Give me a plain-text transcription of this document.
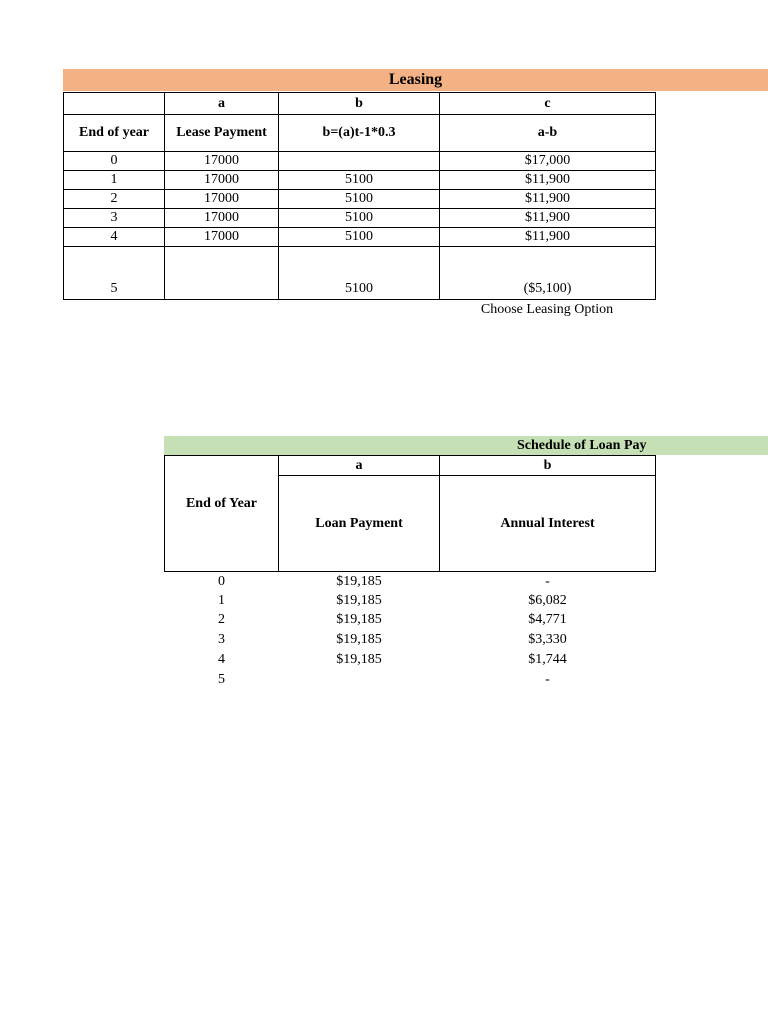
Leasing
	a	b	c
End of year	Lease Payment	b=(a)t-1*0.3	a-b
0	17000		$17,000
1	17000	5100	$11,900
2	17000	5100	$11,900
3	17000	5100	$11,900
4	17000	5100	$11,900
5		5100	($5,100)
Choose Leasing Option
Schedule of Loan Pay
End of Year	a	b
	Loan Payment	Annual Interest
0	$19,185	-
1	$19,185	$6,082
2	$19,185	$4,771
3	$19,185	$3,330
4	$19,185	$1,744
5		-
